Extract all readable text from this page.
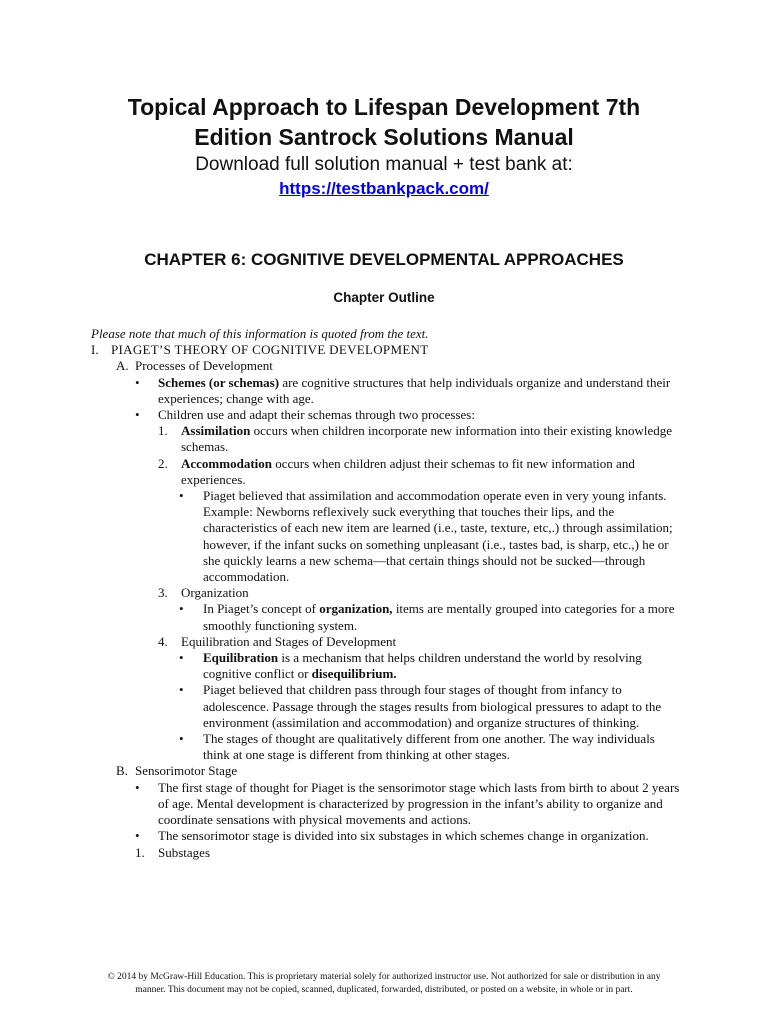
Topical Approach to Lifespan Development 7th
Edition Santrock Solutions Manual
Download full solution manual + test bank at:
https://testbankpack.com/
CHAPTER 6: COGNITIVE DEVELOPMENTAL APPROACHES
Chapter Outline

Please note that much of this information is quoted from the text.

I. PIAGET’S THEORY OF COGNITIVE DEVELOPMENT
A. Processes of Development
• Schemes (or schemas) are cognitive structures that help individuals organize and understand their experiences; change with age.
• Children use and adapt their schemas through two processes:
1. Assimilation occurs when children incorporate new information into their existing knowledge schemas.
2. Accommodation occurs when children adjust their schemas to fit new information and experiences.
• Piaget believed that assimilation and accommodation operate even in very young infants. Example: Newborns reflexively suck everything that touches their lips, and the characteristics of each new item are learned (i.e., taste, texture, etc,.) through assimilation; however, if the infant sucks on something unpleasant (i.e., tastes bad, is sharp, etc.,) he or she quickly learns a new schema—that certain things should not be sucked—through accommodation.
3. Organization
• In Piaget’s concept of organization, items are mentally grouped into categories for a more smoothly functioning system.
4. Equilibration and Stages of Development
• Equilibration is a mechanism that helps children understand the world by resolving cognitive conflict or disequilibrium.
• Piaget believed that children pass through four stages of thought from infancy to adolescence. Passage through the stages results from biological pressures to adapt to the environment (assimilation and accommodation) and organize structures of thinking.
• The stages of thought are qualitatively different from one another. The way individuals think at one stage is different from thinking at other stages.
B. Sensorimotor Stage
• The first stage of thought for Piaget is the sensorimotor stage which lasts from birth to about 2 years of age. Mental development is characterized by progression in the infant’s ability to organize and coordinate sensations with physical movements and actions.
• The sensorimotor stage is divided into six substages in which schemes change in organization.
1. Substages
© 2014 by McGraw-Hill Education. This is proprietary material solely for authorized instructor use. Not authorized for sale or distribution in any
manner. This document may not be copied, scanned, duplicated, forwarded, distributed, or posted on a website, in whole or in part.
